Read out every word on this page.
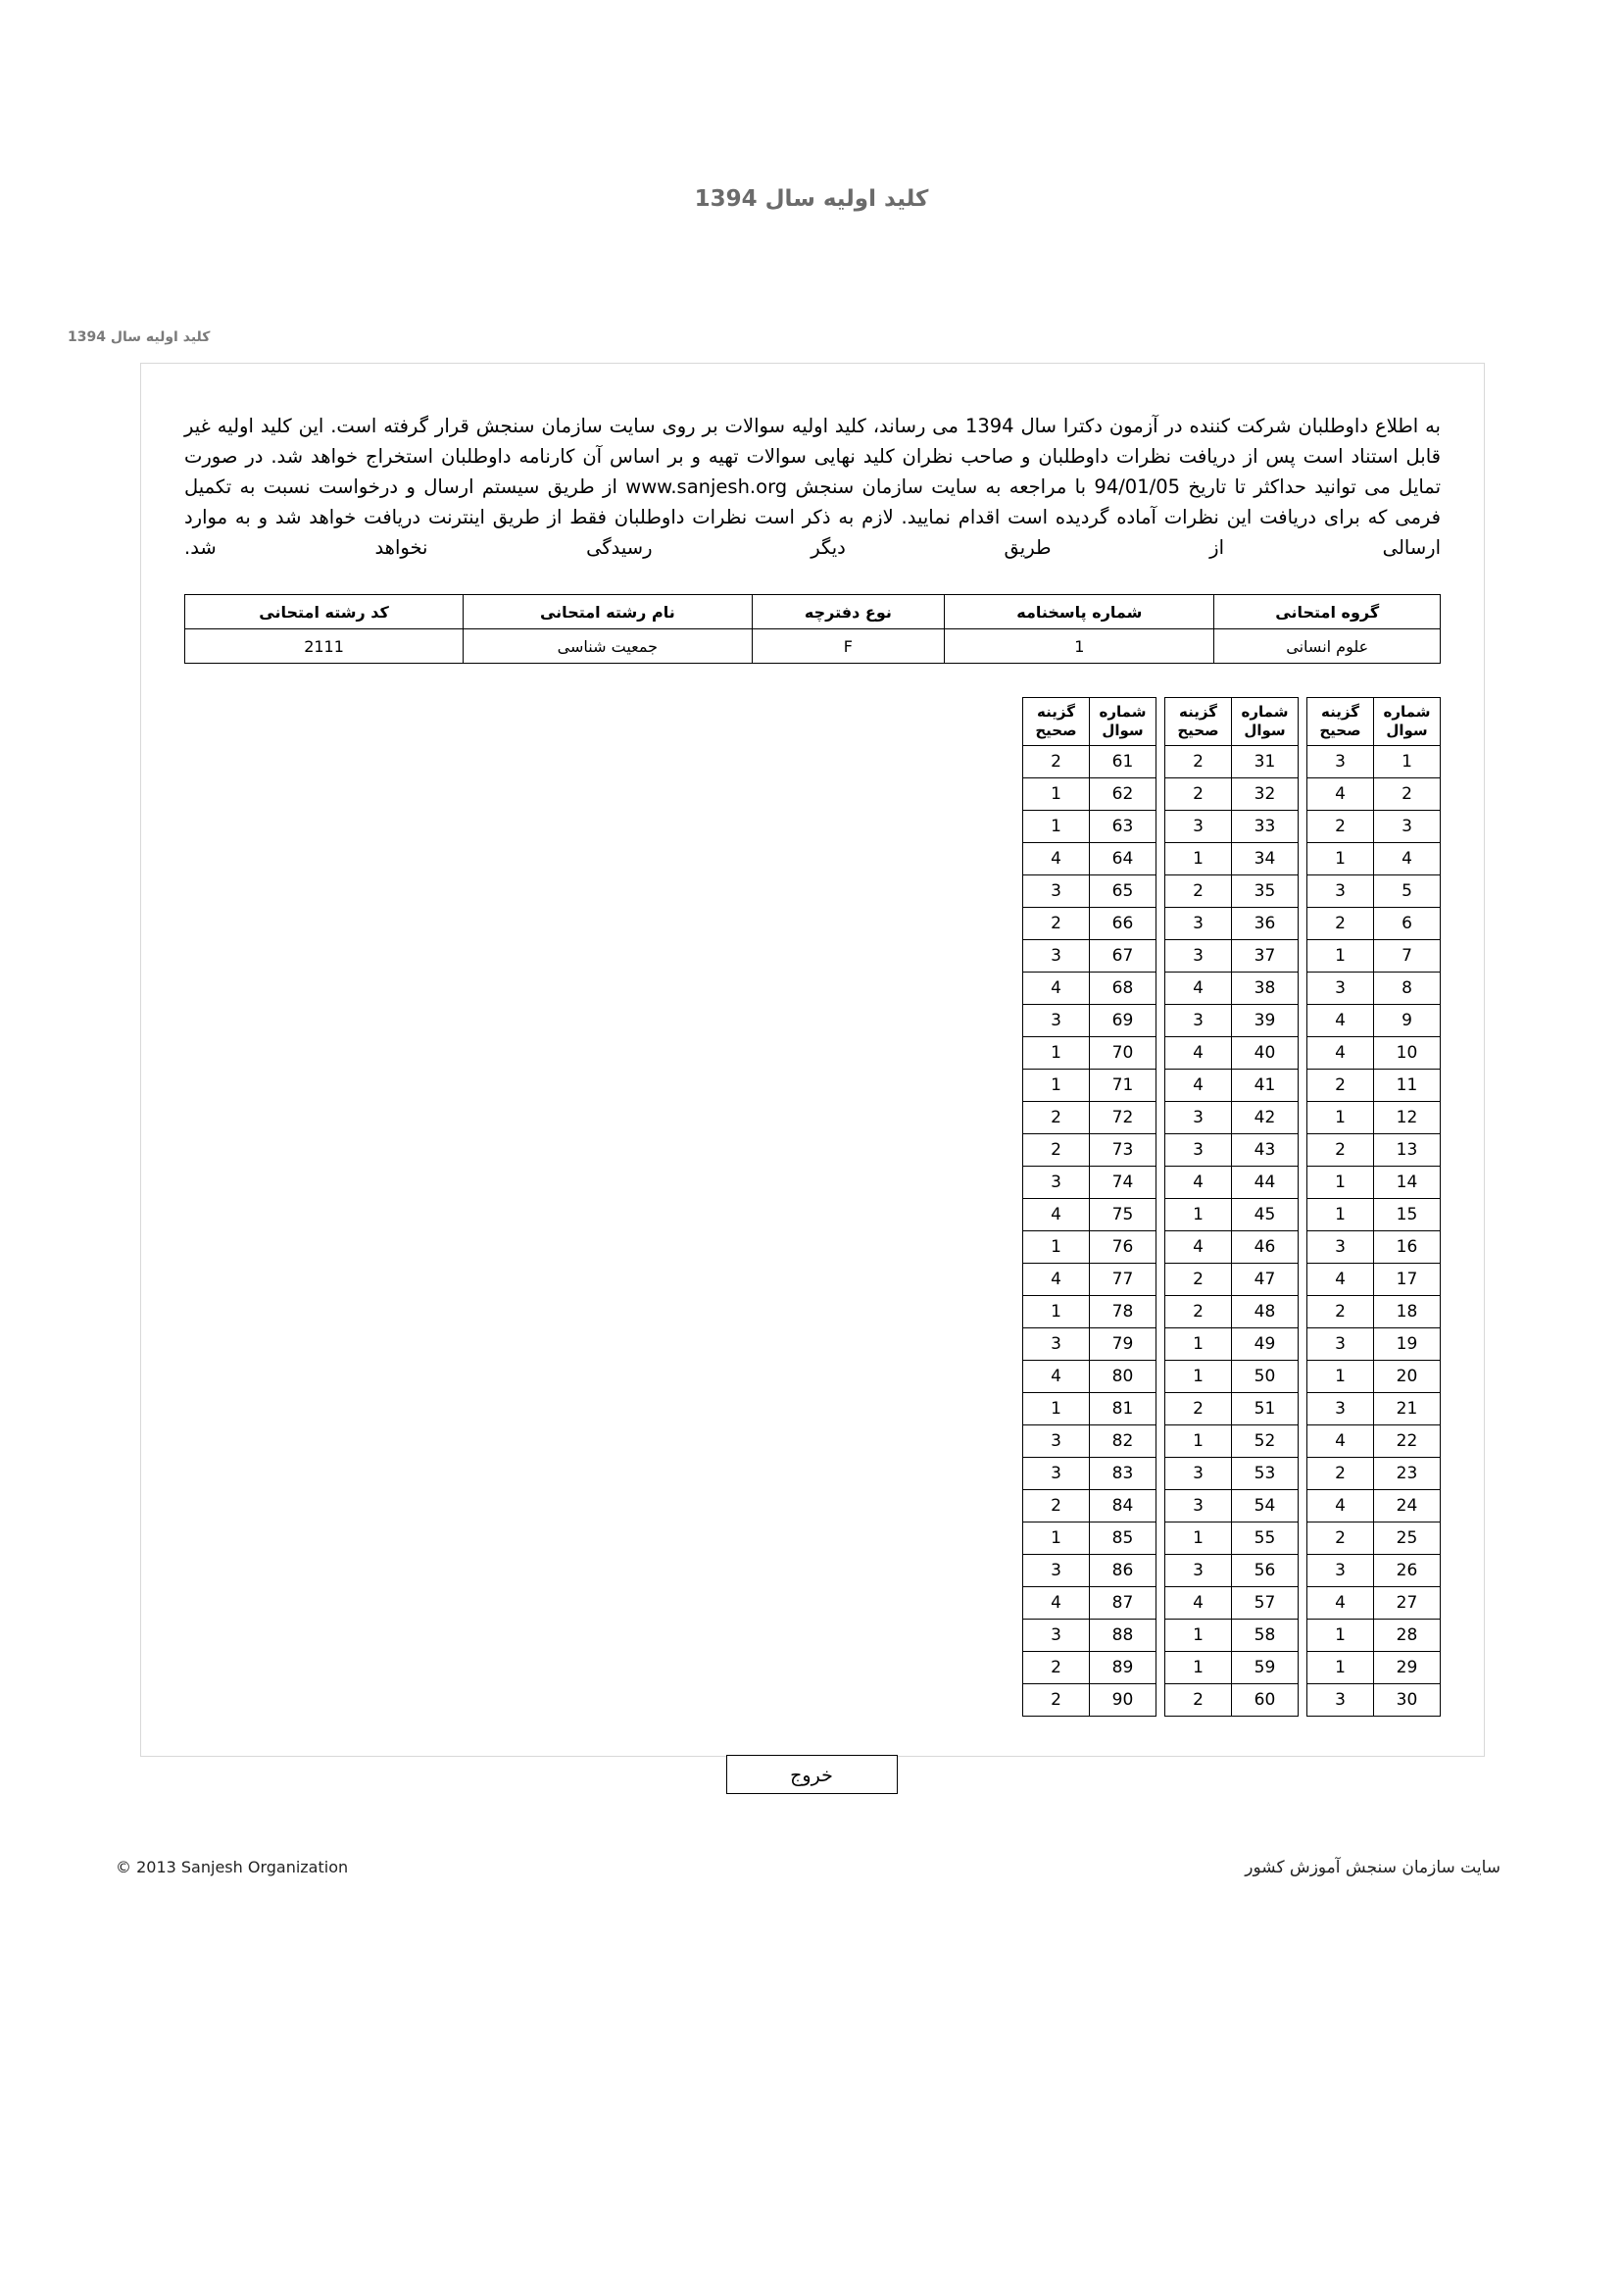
کلید اولیه سال 1394
کلید اولیه سال 1394
به اطلاع داوطلبان شرکت کننده در آزمون دکترا سال 1394 می رساند، کلید اولیه سوالات بر روی سایت سازمان سنجش قرار گرفته است. این کلید اولیه غیر قابل استناد است پس از دریافت نظرات داوطلبان و صاحب نظران کلید نهایی سوالات تهیه و بر اساس آن کارنامه داوطلبان استخراج خواهد شد. در صورت تمایل می توانید حداکثر تا تاریخ 94/01/05 با مراجعه به سایت سازمان سنجش www.sanjesh.org از طریق سیستم ارسال و درخواست نسبت به تکمیل فرمی که برای دریافت این نظرات آماده گردیده است اقدام نمایید. لازم به ذکر است نظرات داوطلبان فقط از طریق اینترنت دریافت خواهد شد و به موارد ارسالی از طریق دیگر رسیدگی نخواهد شد.
گروه امتحانی	شماره پاسخنامه	نوع دفترچه	نام رشته امتحانی	کد رشته امتحانی
علوم انسانی	1	F	جمعیت شناسی	2111
شماره سوال	گزینه صحیح
1	3
2	4
3	2
4	1
5	3
6	2
7	1
8	3
9	4
10	4
11	2
12	1
13	2
14	1
15	1
16	3
17	4
18	2
19	3
20	1
21	3
22	4
23	2
24	4
25	2
26	3
27	4
28	1
29	1
30	3
شماره سوال	گزینه صحیح
31	2
32	2
33	3
34	1
35	2
36	3
37	3
38	4
39	3
40	4
41	4
42	3
43	3
44	4
45	1
46	4
47	2
48	2
49	1
50	1
51	2
52	1
53	3
54	3
55	1
56	3
57	4
58	1
59	1
60	2
شماره سوال	گزینه صحیح
61	2
62	1
63	1
64	4
65	3
66	2
67	3
68	4
69	3
70	1
71	1
72	2
73	2
74	3
75	4
76	1
77	4
78	1
79	3
80	4
81	1
82	3
83	3
84	2
85	1
86	3
87	4
88	3
89	2
90	2
خروج
سایت سازمان سنجش آموزش کشور
© 2013 Sanjesh Organization
